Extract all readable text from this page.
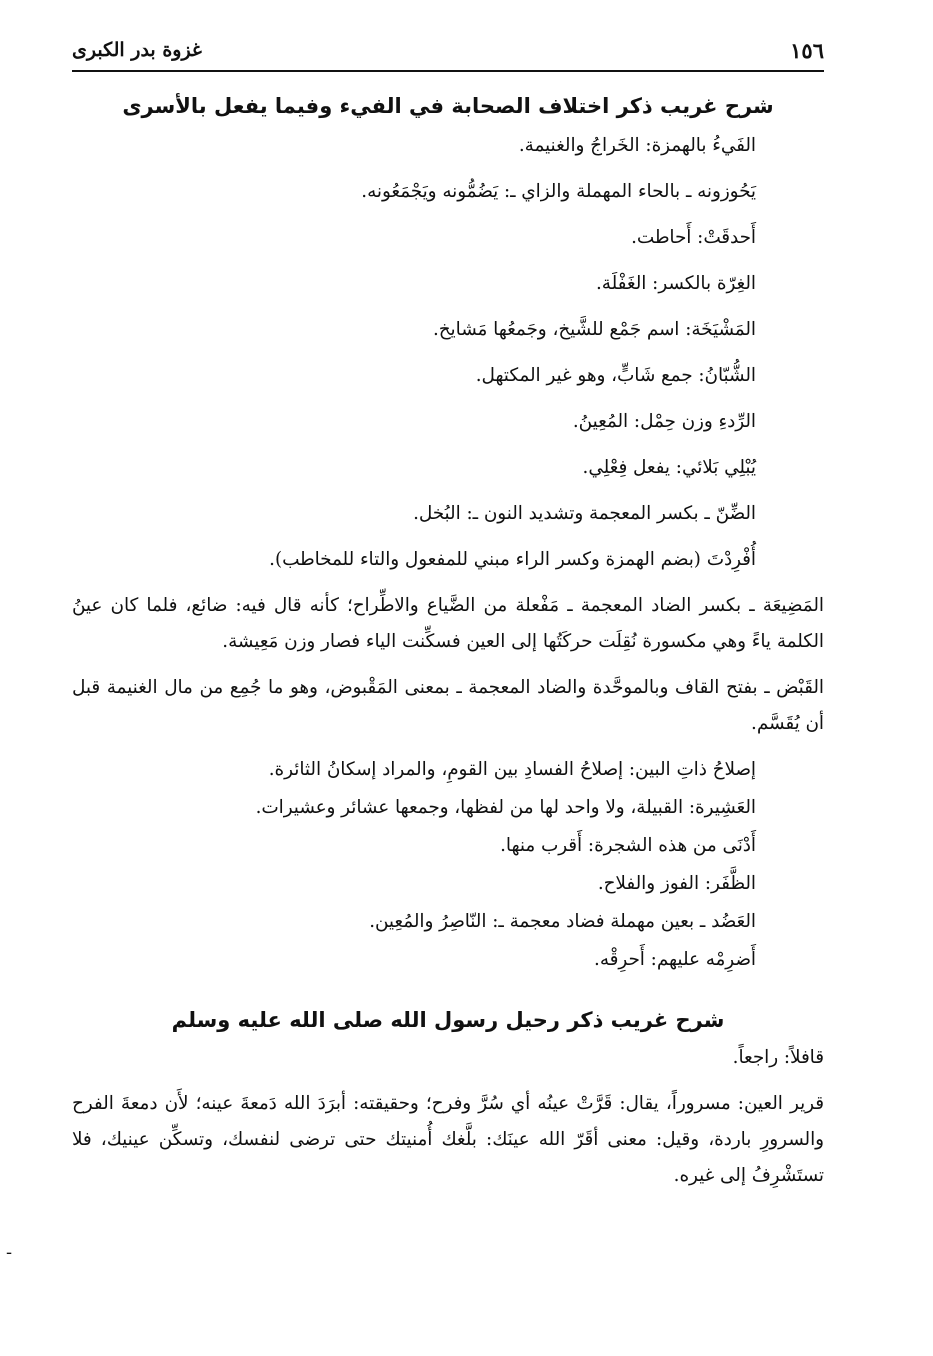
١٥٦
غزوة بدر الكبرى
شرح غريب ذكر اختلاف الصحابة في الفيء وفيما يفعل بالأسرى

الفَيءُ بالهمزة: الخَراجُ والغنيمة.

يَحُوزونه ـ بالحاء المهملة والزاي ـ: يَضُمُّونه ويَجْمَعُونه.

أَحدقَتْ: أَحاطت.

الغِرّة بالكسر: الغَفْلَة.

المَشْيَخَة: اسم جَمْع للشَّيخ، وجَمعُها مَشايخ.

الشُّبّانُ: جمع شَابٍّ، وهو غير المكتهل.

الرِّدءِ وزن حِمْل: المُعِينُ.

يُبْلِي بَلائي: يفعل فِعْلِي.

الضِّنّ ـ بكسر المعجمة وتشديد النون ـ: البُخل.

أُفْرِدْتَ (بضم الهمزة وكسر الراء مبني للمفعول والتاء للمخاطب).

المَضِيعَة ـ بكسر الضاد المعجمة ـ مَفْعلة من الضَّياع والاطِّراح؛ كأنه قال فيه: ضائع، فلما كان عينُ الكلمة ياءً وهي مكسورة نُقِلَت حركَتُها إلى العين فسكِّنت الياء فصار وزن مَعِيشة.

القَبْض ـ بفتح القاف وبالموحَّدة والضاد المعجمة ـ بمعنى المَقْبوض، وهو ما جُمِع من مال الغنيمة قبل أن يُقَسَّم.

إصلاحُ ذاتِ البين: إصلاحُ الفسادِ بين القومِ، والمراد إسكانُ الثائرة.

العَشِيرة: القبيلة، ولا واحد لها من لفظها، وجمعها عشائر وعشيرات.

أَدْنَى من هذه الشجرة: أَقرب منها.

الظَّفَر: الفوز والفلاح.

العَضُد ـ بعين مهملة فضاد معجمة ـ: النّاصِرُ والمُعِين.

أَضرِمْه عليهم: أَحرِقْه.

شرح غريب ذكر رحيل رسول الله صلى الله عليه وسلم

قافلاً: راجعاً.

قرير العين: مسروراً، يقال: قَرَّتْ عينُه أي سُرَّ وفرح؛ وحقيقته: أبرَدَ الله دَمعةَ عينه؛ لأَن دمعةَ الفرح والسرورِ باردة، وقيل: معنى أقَرّ الله عينَك: بلَّغك أُمنيتك حتى ترضى لنفسك، وتسكِّن عينيك، فلا تستَشْرِفُ إلى غيره.

-
